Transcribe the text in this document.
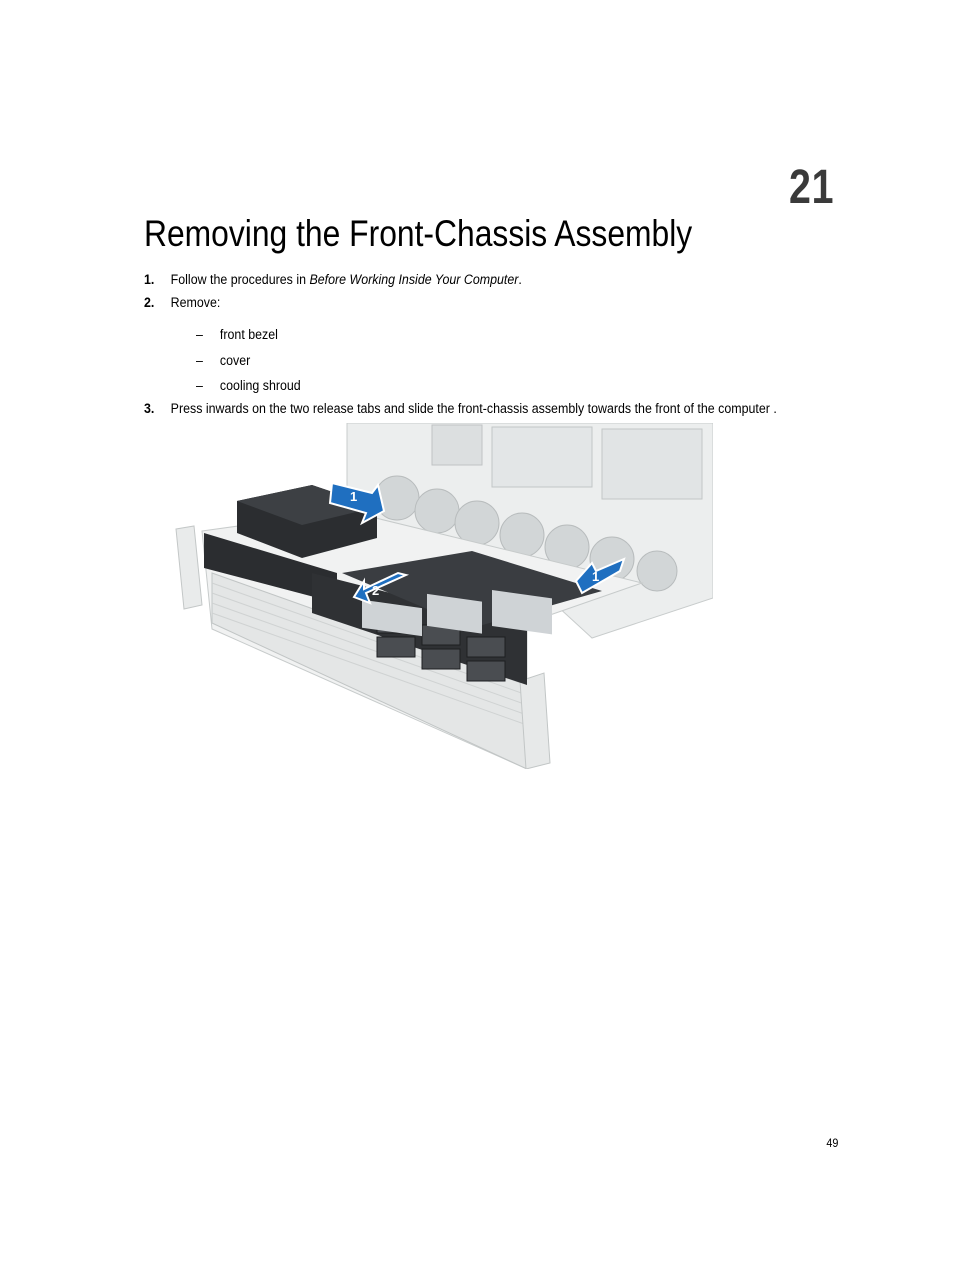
21
Removing the Front-Chassis Assembly
1. Follow the procedures in Before Working Inside Your Computer.
2. Remove:
– front bezel
– cover
– cooling shroud
3. Press inwards on the two release tabs and slide the front-chassis assembly towards the front of the computer .
1
2
1
49
